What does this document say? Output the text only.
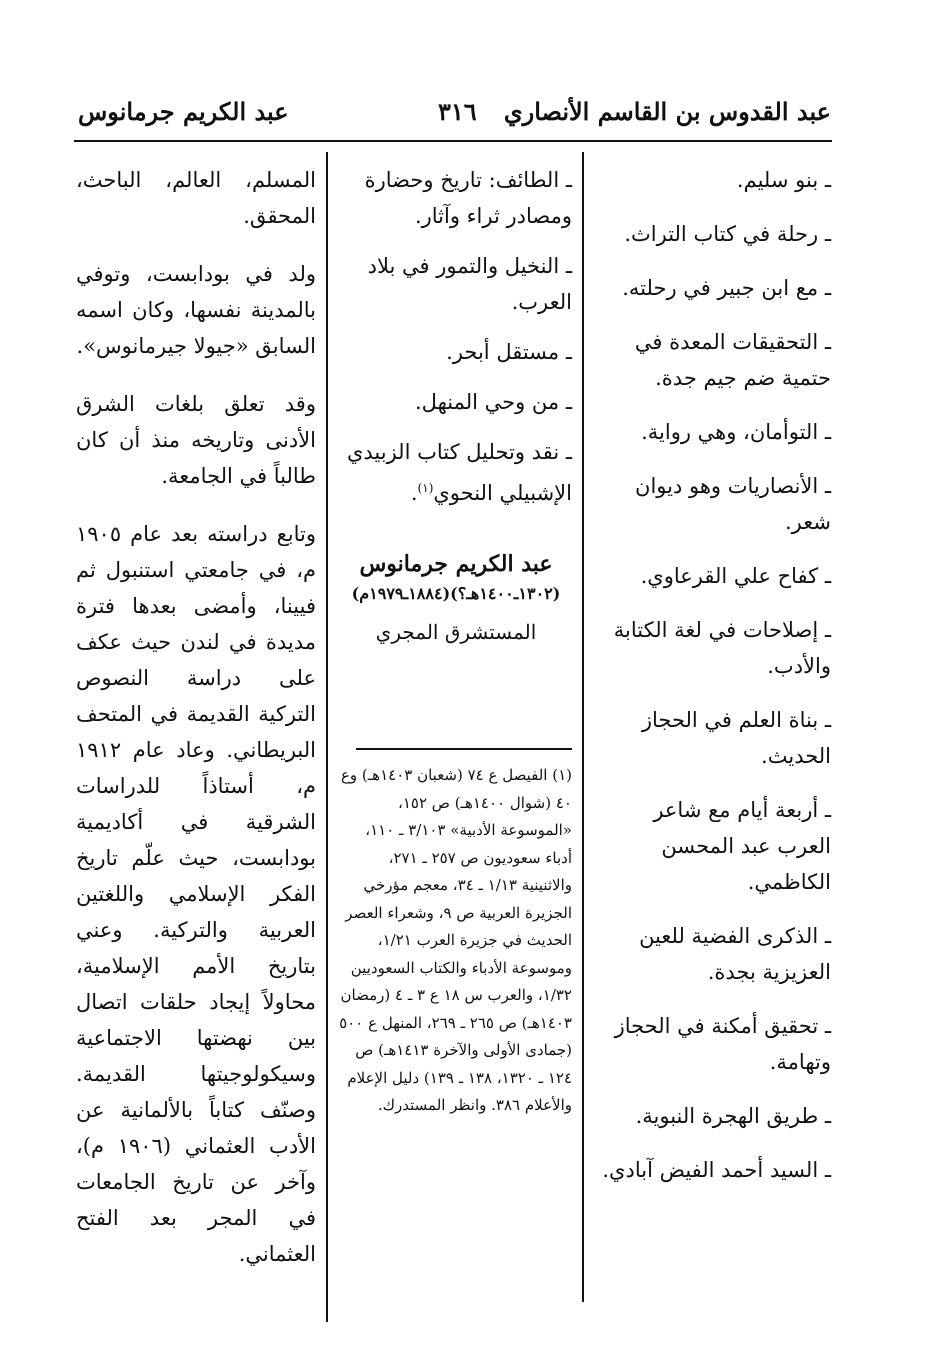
عبد القدوس بن القاسم الأنصاري
٣١٦
عبد الكريم جرمانوس

ـ بنو سليم.

ـ رحلة في كتاب التراث.

ـ مع ابن جبير في رحلته.

ـ التحقيقات المعدة في حتمية ضم جيم جدة.

ـ التوأمان، وهي رواية.

ـ الأنصاريات وهو ديوان شعر.

ـ كفاح علي القرعاوي.

ـ إصلاحات في لغة الكتابة والأدب.

ـ بناة العلم في الحجاز الحديث.

ـ أربعة أيام مع شاعر العرب عبد المحسن الكاظمي.

ـ الذكرى الفضية للعين العزيزية بجدة.

ـ تحقيق أمكنة في الحجاز وتهامة.

ـ طريق الهجرة النبوية.

ـ السيد أحمد الفيض آبادي.

ـ الطائف: تاريخ وحضارة ومصادر ثراء وآثار.

ـ النخيل والتمور في بلاد العرب.

ـ مستقل أبحر.

ـ من وحي المنهل.

ـ نقد وتحليل كتاب الزبيدي الإشبيلي النحوي$^{(١)}$.

عبد الكريم جرمانوس
(١٣٠٢ـ١٤٠٠هـ؟)(١٨٨٤ـ١٩٧٩م)
المستشرق المجري

(١) الفيصل ع ٧٤ (شعبان ١٤٠٣هـ) وع ٤٠ (شوال ١٤٠٠هـ) ص ١٥٢، «الموسوعة الأدبية» ٣/١٠٣ ـ ١١٠، أدباء سعوديون ص ٢٥٧ ـ ٢٧١، والاثنينية ١/١٣ ـ ٣٤، معجم مؤرخي الجزيرة العربية ص ٩، وشعراء العصر الحديث في جزيرة العرب ١/٢١، وموسوعة الأدباء والكتاب السعوديين ١/٣٢، والعرب س ١٨ ع ٣ ـ ٤ (رمضان ١٤٠٣هـ) ص ٢٦٥ ـ ٢٦٩، المنهل ع ٥٠٠ (جمادى الأولى والآخرة ١٤١٣هـ) ص ١٢٤ ـ ١٣٢٠، ١٣٨ ـ ١٣٩) دليل الإعلام والأعلام ٣٨٦. وانظر المستدرك.

المسلم، العالم، الباحث، المحقق.

ولد في بودابست، وتوفي بالمدينة نفسها، وكان اسمه السابق «جيولا جيرمانوس».

وقد تعلق بلغات الشرق الأدنى وتاريخه منذ أن كان طالباً في الجامعة.

وتابع دراسته بعد عام ١٩٠٥ م، في جامعتي استنبول ثم فيينا، وأمضى بعدها فترة مديدة في لندن حيث عكف على دراسة النصوص التركية القديمة في المتحف البريطاني. وعاد عام ١٩١٢ م، أستاذاً للدراسات الشرقية في أكاديمية بودابست، حيث علّم تاريخ الفكر الإسلامي واللغتين العربية والتركية. وعني بتاريخ الأمم الإسلامية، محاولاً إيجاد حلقات اتصال بين نهضتها الاجتماعية وسيكولوجيتها القديمة. وصنّف كتاباً بالألمانية عن الأدب العثماني (١٩٠٦ م)، وآخر عن تاريخ الجامعات في المجر بعد الفتح العثماني.
